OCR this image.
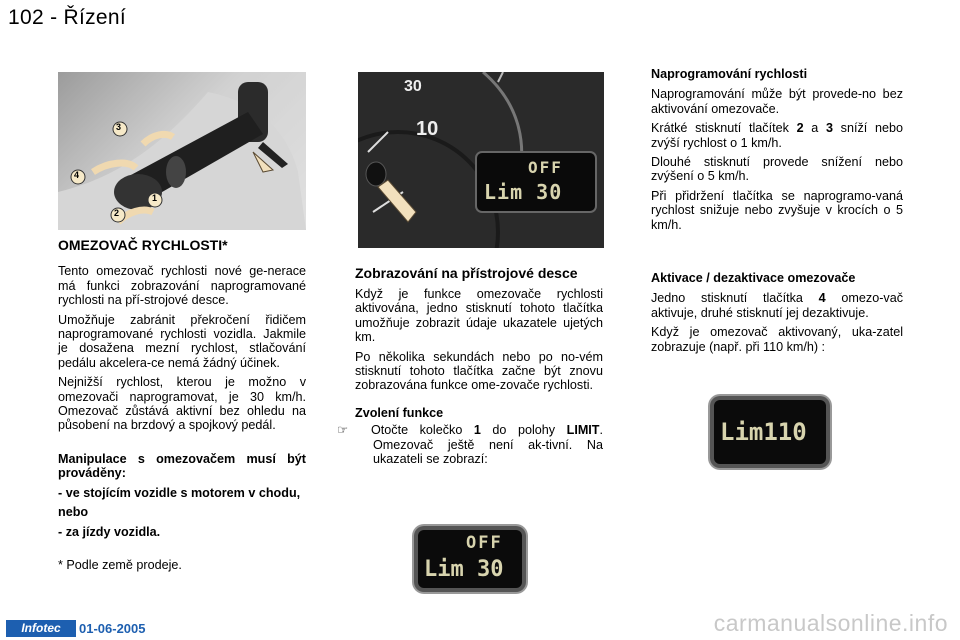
102 - Řízení
3
4
1
2
30
10
OFF
Lim 30
OMEZOVAČ RYCHLOSTI*

Tento omezovač rychlosti nové ge-nerace má funkci zobrazování naprogramované rychlosti na pří-strojové desce.

Umožňuje zabránit překročení řidičem naprogramované rychlosti vozidla. Jakmile je dosažena mezní rychlost, stlačování pedálu akcelera-ce nemá žádný účinek.

Nejnižší rychlost, kterou je možno v omezovači naprogramovat, je 30 km/h. Omezovač zůstává aktivní bez ohledu na působení na brzdový a spojkový pedál.

Manipulace s omezovačem musí být prováděny:

- ve stojícím vozidle s motorem v chodu,

nebo

- za jízdy vozidla.

* Podle země prodeje.

Zobrazování na přístrojové desce

Když je funkce omezovače rychlosti aktivována, jedno stisknutí tohoto tlačítka umožňuje zobrazit údaje ukazatele ujetých km.

Po několika sekundách nebo po no-vém stisknutí tohoto tlačítka začne být znovu zobrazována funkce ome-zovače rychlosti.

Zvolení funkce

☞ Otočte kolečko 1 do polohy LIMIT. Omezovač ještě není ak-tivní. Na ukazateli se zobrazí:

OFF
Lim 30
Naprogramování rychlosti

Naprogramování může být provede-no bez aktivování omezovače.

Krátké stisknutí tlačítek 2 a 3 sníží nebo zvýší rychlost o 1 km/h.

Dlouhé stisknutí provede snížení nebo zvýšení o 5 km/h.

Při přidržení tlačítka se naprogramo-vaná rychlost snižuje nebo zvyšuje v krocích o 5 km/h.

Aktivace / dezaktivace omezovače

Jedno stisknutí tlačítka 4 omezo-vač aktivuje, druhé stisknutí jej dezaktivuje.

Když je omezovač aktivovaný, uka-zatel zobrazuje (např. při 110 km/h) :

Lim110
Infotec	01-06-2005	carmanualsonline.info
